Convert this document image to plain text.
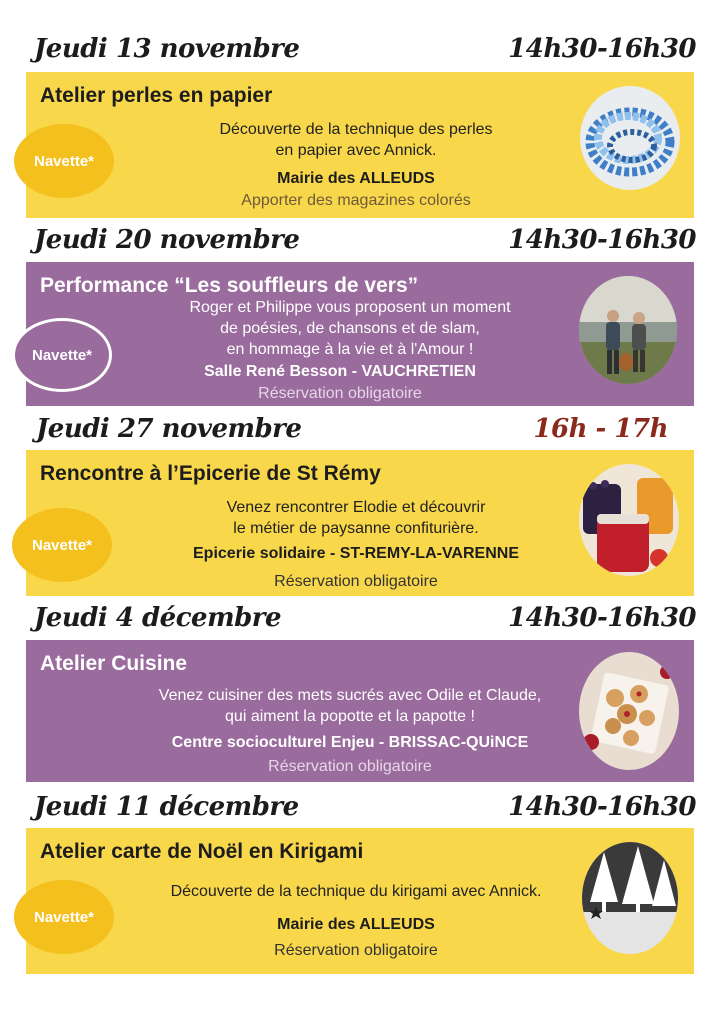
Jeudi 13 novembre	14h30-16h30
Atelier perles en papier
Découverte de la technique des perles
en papier avec Annick.
Mairie des ALLEUDS
Apporter des magazines colorés
Navette*
Jeudi 20 novembre	14h30-16h30
Performance “Les souffleurs de vers”
Roger et Philippe vous proposent un moment
de poésies, de chansons et de slam,
en hommage à la vie et à l'Amour !
Salle René Besson - VAUCHRETIEN
Réservation obligatoire
Navette*
Jeudi 27 novembre	16h - 17h
Rencontre à l’Epicerie de St Rémy
Venez rencontrer Elodie et découvrir
le métier de paysanne confiturière.
Epicerie solidaire - ST-REMY-LA-VARENNE
Réservation obligatoire
Navette*
Jeudi 4 décembre	14h30-16h30
Atelier Cuisine
Venez cuisiner des mets sucrés avec Odile et Claude,
qui aiment la popotte et la papotte !
Centre socioculturel Enjeu - BRISSAC-QUiNCE
Réservation obligatoire
Jeudi 11 décembre	14h30-16h30
Atelier carte de Noël en Kirigami
Découverte de la technique du kirigami avec Annick.
Mairie des ALLEUDS
Réservation obligatoire
Navette*
